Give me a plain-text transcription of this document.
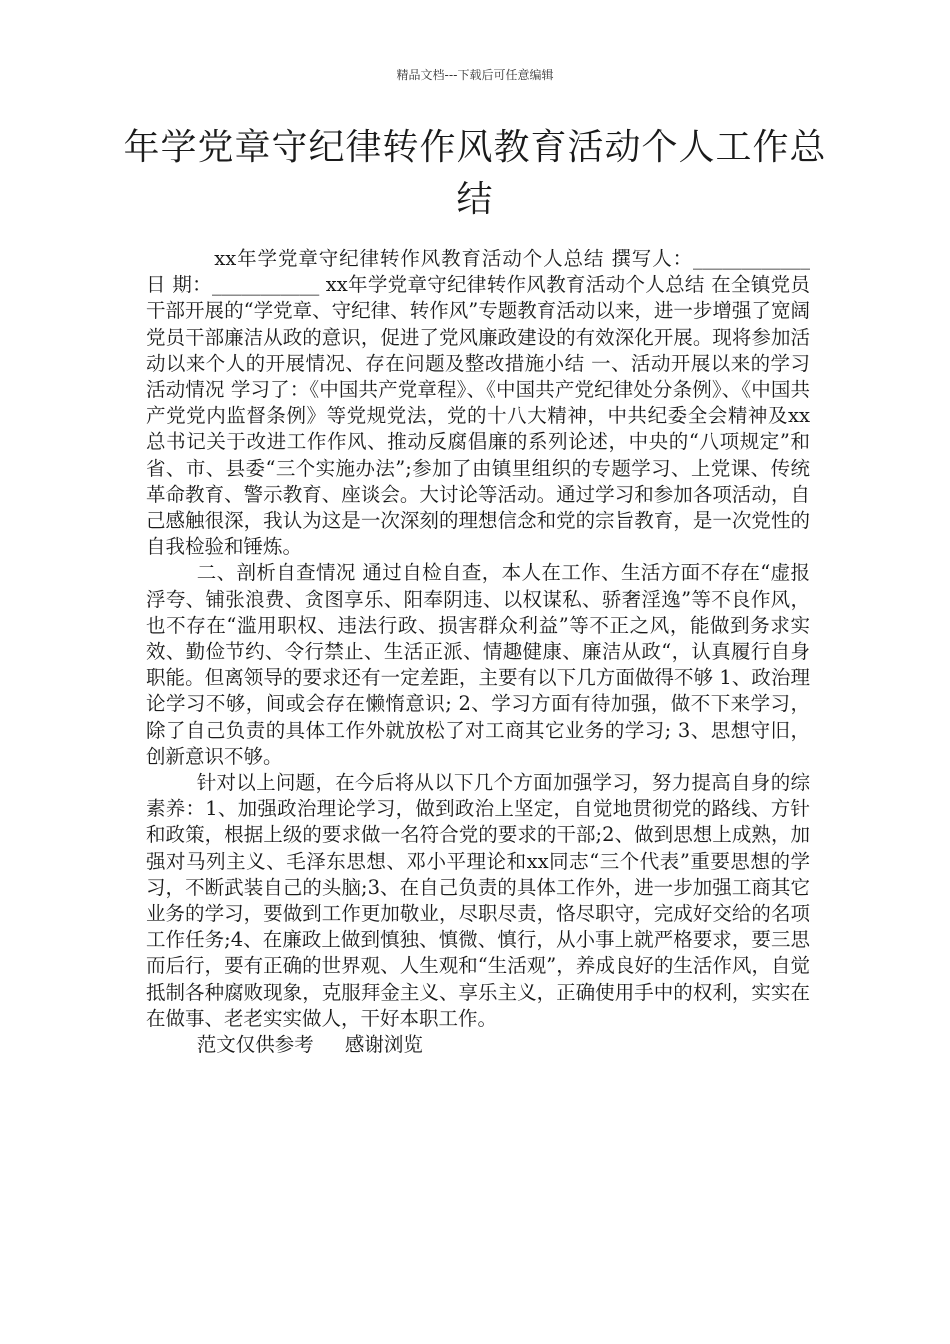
精品文档---下载后可任意编辑
年学党章守纪律转作风教育活动个人工作总结

xx年学党章守纪律转作风教育活动个人总结 撰写人：____________ 日 期：___________ xx年学党章守纪律转作风教育活动个人总结 在全镇党员干部开展的“学党章、守纪律、转作风”专题教育活动以来，进一步增强了宽阔党员干部廉洁从政的意识，促进了党风廉政建设的有效深化开展。现将参加活动以来个人的开展情况、存在问题及整改措施小结 一、活动开展以来的学习活动情况 学习了：《中国共产党章程》、《中国共产党纪律处分条例》、《中国共产党党内监督条例》等党规党法，党的十八大精神，中共纪委全会精神及xx总书记关于改进工作作风、推动反腐倡廉的系列论述，中央的“八项规定”和省、市、县委“三个实施办法”;参加了由镇里组织的专题学习、上党课、传统革命教育、警示教育、座谈会。大讨论等活动。通过学习和参加各项活动，自己感触很深，我认为这是一次深刻的理想信念和党的宗旨教育，是一次党性的自我检验和锤炼。

二、剖析自查情况 通过自检自查，本人在工作、生活方面不存在“虚报浮夸、铺张浪费、贪图享乐、阳奉阴违、以权谋私、骄奢淫逸”等不良作风，也不存在“滥用职权、违法行政、损害群众利益”等不正之风，能做到务求实效、勤俭节约、令行禁止、生活正派、情趣健康、廉洁从政“，认真履行自身职能。但离领导的要求还有一定差距，主要有以下几方面做得不够 1、政治理论学习不够，间或会存在懒惰意识; 2、学习方面有待加强，做不下来学习，除了自己负责的具体工作外就放松了对工商其它业务的学习; 3、思想守旧，创新意识不够。

针对以上问题，在今后将从以下几个方面加强学习，努力提高自身的综素养：1、加强政治理论学习，做到政治上坚定，自觉地贯彻党的路线、方针和政策，根据上级的要求做一名符合党的要求的干部;2、做到思想上成熟，加强对马列主义、毛泽东思想、邓小平理论和xx同志“三个代表”重要思想的学习，不断武装自己的头脑;3、在自己负责的具体工作外，进一步加强工商其它业务的学习，要做到工作更加敬业，尽职尽责，恪尽职守，完成好交给的名项工作任务;4、在廉政上做到慎独、慎微、慎行，从小事上就严格要求，要三思而后行，要有正确的世界观、人生观和“生活观”，养成良好的生活作风，自觉抵制各种腐败现象，克服拜金主义、享乐主义，正确使用手中的权利，实实在在做事、老老实实做人，干好本职工作。

范文仅供参考 感谢浏览
